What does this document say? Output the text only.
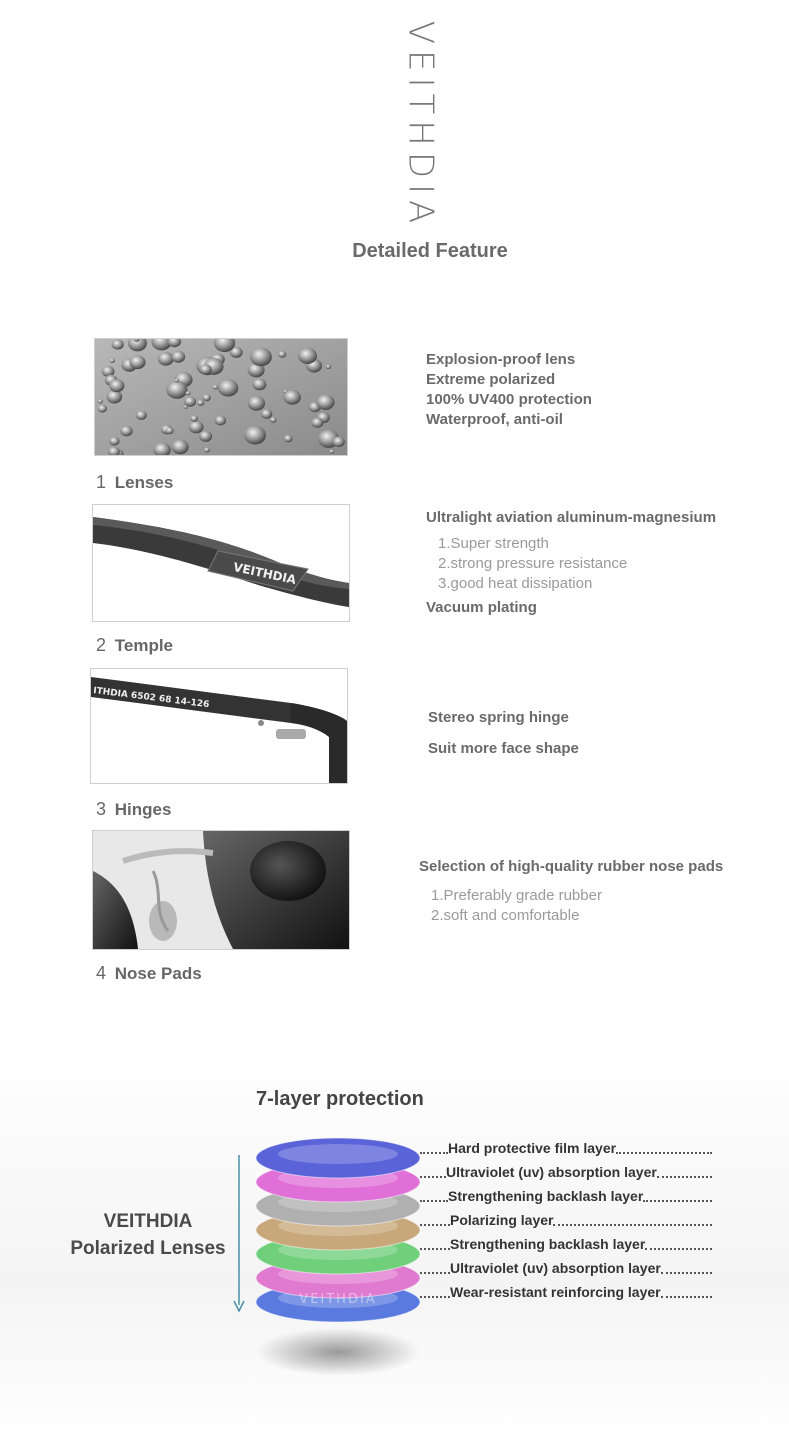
VEITHDIA
Detailed Feature
1 Lenses
Explosion-proof lens
Extreme polarized
100% UV400 protection
Waterproof, anti-oil
VEITHDIA
2 Temple
Ultralight aviation aluminum-magnesium
1.Super strength
2.strong pressure resistance
3.good heat dissipation
Vacuum plating
ITHDIA 6502 68 14-126
3 Hinges
Stereo spring hinge
Suit more face shape
4 Nose Pads
Selection of high-quality rubber nose pads
1.Preferably grade rubber
2.soft and comfortable
7-layer protection
VEITHDIA
Polarized Lenses
VEITHDIA
Hard protective film layer
Ultraviolet (uv) absorption layer
Strengthening backlash layer
Polarizing layer
Strengthening backlash layer
Ultraviolet (uv) absorption layer
Wear-resistant reinforcing layer
